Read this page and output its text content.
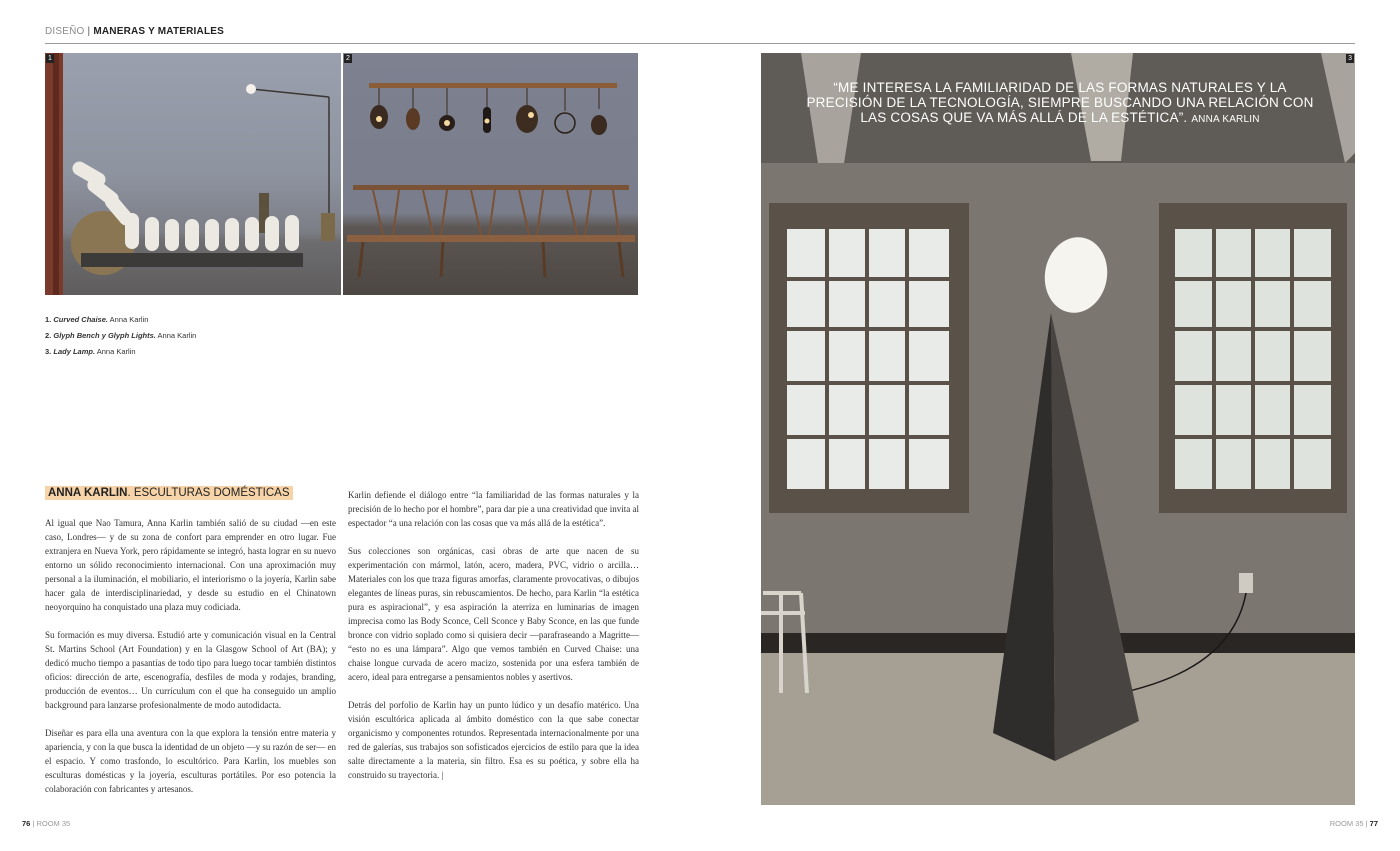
DISEÑO | MANERAS Y MATERIALES
1	2	3
“ME INTERESA LA FAMILIARIDAD DE LAS FORMAS NATURALES Y LA PRECISIÓN DE LA TECNOLOGÍA, SIEMPRE BUSCANDO UNA RELACIÓN CON LAS COSAS QUE VA MÁS ALLÁ DE LA ESTÉTICA”. ANNA KARLIN
1. Curved Chaise. Anna Karlin
2. Glyph Bench y Glyph Lights. Anna Karlin
3. Lady Lamp. Anna Karlin
ANNA KARLIN. ESCULTURAS DOMÉSTICAS

Al igual que Nao Tamura, Anna Karlin también salió de su ciudad —en este caso, Londres— y de su zona de confort para emprender en otro lugar. Fue extranjera en Nueva York, pero rápidamente se integró, hasta lograr en su nuevo entorno un sólido reconocimiento internacional. Con una aproximación muy personal a la iluminación, el mobiliario, el interiorismo o la joyería, Karlin sabe hacer gala de interdisciplinariedad, y desde su estudio en el Chinatown neoyorquino ha conquistado una plaza muy codiciada.

Su formación es muy diversa. Estudió arte y comunicación visual en la Central St. Martins School (Art Foundation) y en la Glasgow School of Art (BA); y dedicó mucho tiempo a pasantías de todo tipo para luego tocar también distintos oficios: dirección de arte, escenografía, desfiles de moda y rodajes, branding, producción de eventos… Un currículum con el que ha conseguido un amplio background para lanzarse profesionalmente de modo autodidacta.

Diseñar es para ella una aventura con la que explora la tensión entre materia y apariencia, y con la que busca la identidad de un objeto —y su razón de ser— en el espacio. Y como trasfondo, lo escultórico. Para Karlin, los muebles son esculturas domésticas y la joyería, esculturas portátiles. Por eso potencia la colaboración con fabricantes y artesanos.

Karlin defiende el diálogo entre “la familiaridad de las formas naturales y la precisión de lo hecho por el hombre”, para dar pie a una creatividad que invita al espectador “a una relación con las cosas que va más allá de la estética”.

Sus colecciones son orgánicas, casi obras de arte que nacen de su experimentación con mármol, latón, acero, madera, PVC, vidrio o arcilla… Materiales con los que traza figuras amorfas, claramente provocativas, o dibujos elegantes de líneas puras, sin rebuscamientos. De hecho, para Karlin “la estética pura es aspiracional”, y esa aspiración la aterriza en luminarias de imagen imprecisa como las Body Sconce, Cell Sconce y Baby Sconce, en las que funde bronce con vidrio soplado como si quisiera decir —parafraseando a Magritte— “esto no es una lámpara”. Algo que vemos también en Curved Chaise: una chaise longue curvada de acero macizo, sostenida por una esfera también de acero, ideal para entregarse a pensamientos nobles y asertivos.

Detrás del porfolio de Karlin hay un punto lúdico y un desafío matérico. Una visión escultórica aplicada al ámbito doméstico con la que sabe conectar organicismo y componentes rotundos. Representada internacionalmente por una red de galerías, sus trabajos son sofisticados ejercicios de estilo para que la idea salte directamente a la materia, sin filtro. Esa es su poética, y sobre ella ha construido su trayectoria. |

76 | ROOM 35	ROOM 35 | 77
